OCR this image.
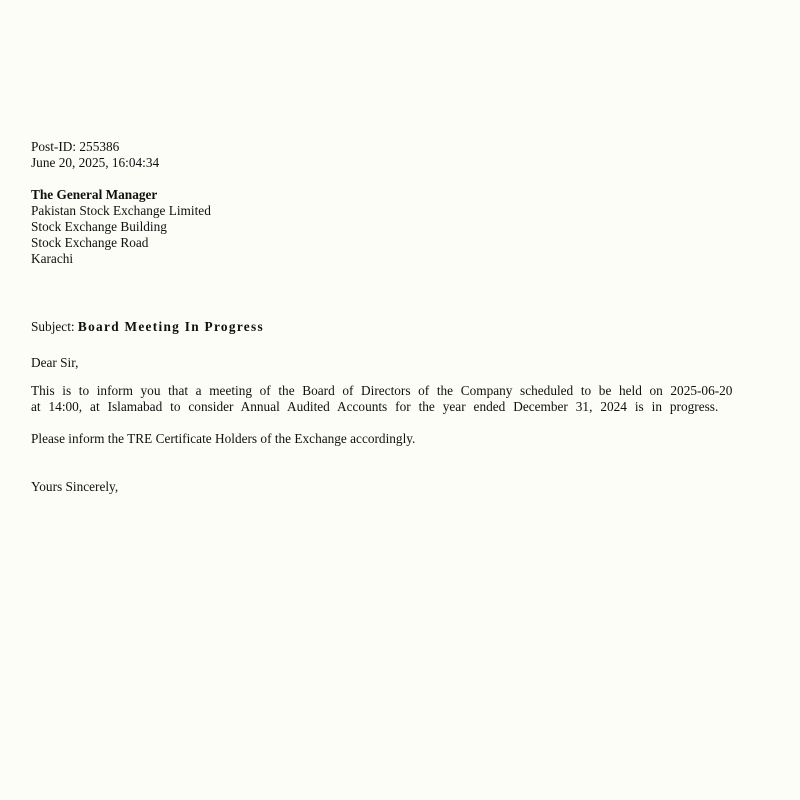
Post-ID: 255386
June 20, 2025, 16:04:34
The General Manager
Pakistan Stock Exchange Limited
Stock Exchange Building
Stock Exchange Road
Karachi
Subject: Board Meeting In Progress
Dear Sir,
This is to inform you that a meeting of the Board of Directors of the Company scheduled to be held on 2025-06-20
at 14:00, at Islamabad to consider Annual Audited Accounts for the year ended December 31, 2024 is in progress.
Please inform the TRE Certificate Holders of the Exchange accordingly.
Yours Sincerely,
